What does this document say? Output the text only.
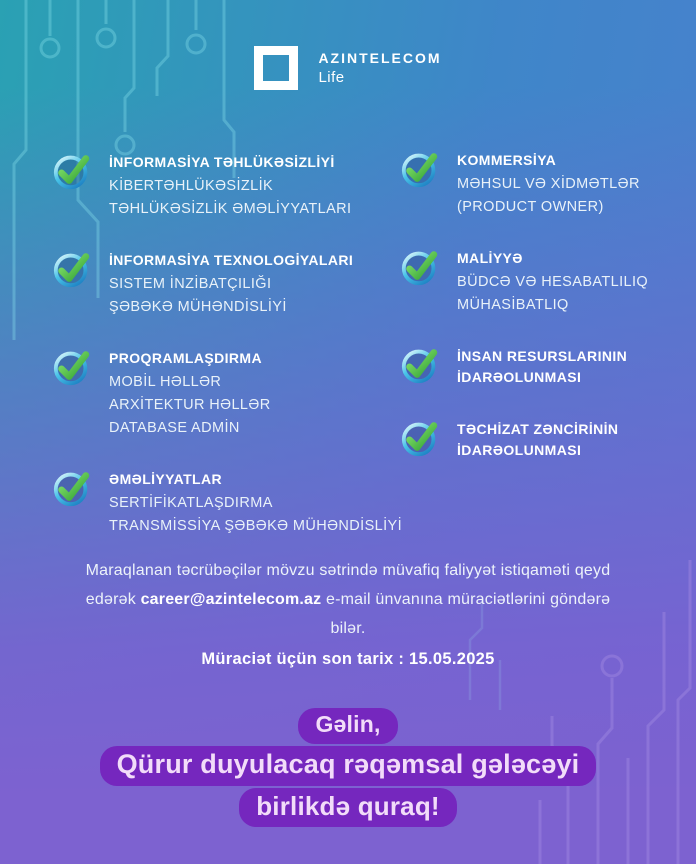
AZINTELECOM
Life
İNFORMASİYA TƏHLÜKƏSİZLİYİ
KİBERTƏHLÜKƏSİZLİK
TƏHLÜKƏSİZLİK ƏMƏLİYYATLARI
İNFORMASİYA TEXNOLOGİYALARI
SISTEM İNZİBATÇILIĞI
ŞƏBƏKƏ MÜHƏNDİSLİYİ
PROQRAMLAŞDIRMA
MOBİL HƏLLƏR
ARXİTEKTUR HƏLLƏR
DATABASE ADMİN
ƏMƏLİYYATLAR
SERTİFİKATLAŞDIRMA
TRANSMİSSİYA ŞƏBƏKƏ MÜHƏNDİSLİYİ
KOMMERSİYA
MƏHSUL VƏ XİDMƏTLƏR
(PRODUCT OWNER)
MALİYYƏ
BÜDCƏ VƏ HESABATLILIQ
MÜHASİBATLIQ
İNSAN RESURSLARININ İDARƏOLUNMASI
TƏCHİZAT ZƏNCİRİNİN İDARƏOLUNMASI
Maraqlanan təcrübəçilər mövzu sətrində müvafiq faliyyət istiqaməti qeyd edərək career@azintelecom.az e-mail ünvanına müraciətlərini göndərə bilər.
Müraciət üçün son tarix : 15.05.2025
Gəlin,
Qürur duyulacaq rəqəmsal gələcəyi
birlikdə quraq!
